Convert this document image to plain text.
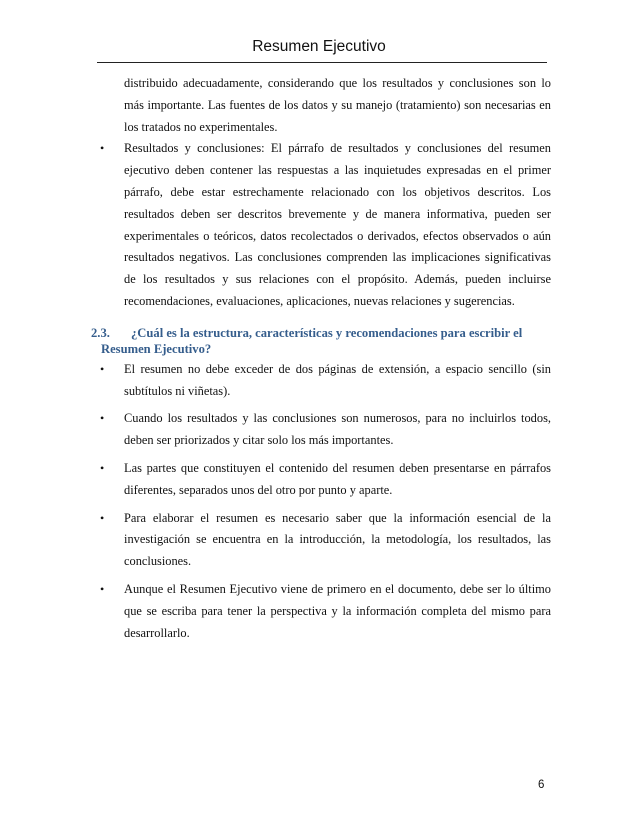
Resumen Ejecutivo

distribuido adecuadamente, considerando que los resultados y conclusiones son lo más importante. Las fuentes de los datos y su manejo (tratamiento) son necesarias en los tratados no experimentales.

• Resultados y conclusiones: El párrafo de resultados y conclusiones del resumen ejecutivo deben contener las respuestas a las inquietudes expresadas en el primer párrafo, debe estar estrechamente relacionado con los objetivos descritos. Los resultados deben ser descritos brevemente y de manera informativa, pueden ser experimentales o teóricos, datos recolectados o derivados, efectos observados o aún resultados negativos. Las conclusiones comprenden las implicaciones significativas de los resultados y sus relaciones con el propósito. Además, pueden incluirse recomendaciones, evaluaciones, aplicaciones, nuevas relaciones y sugerencias.
2.3. ¿Cuál es la estructura, características y recomendaciones para escribir el
Resumen Ejecutivo?
• El resumen no debe exceder de dos páginas de extensión, a espacio sencillo (sin subtítulos ni viñetas).
• Cuando los resultados y las conclusiones son numerosos, para no incluirlos todos, deben ser priorizados y citar solo los más importantes.
• Las partes que constituyen el contenido del resumen deben presentarse en párrafos diferentes, separados unos del otro por punto y aparte.
• Para elaborar el resumen es necesario saber que la información esencial de la investigación se encuentra en la introducción, la metodología, los resultados, las conclusiones.
• Aunque el Resumen Ejecutivo viene de primero en el documento, debe ser lo último que se escriba para tener la perspectiva y la información completa del mismo para desarrollarlo.
6
